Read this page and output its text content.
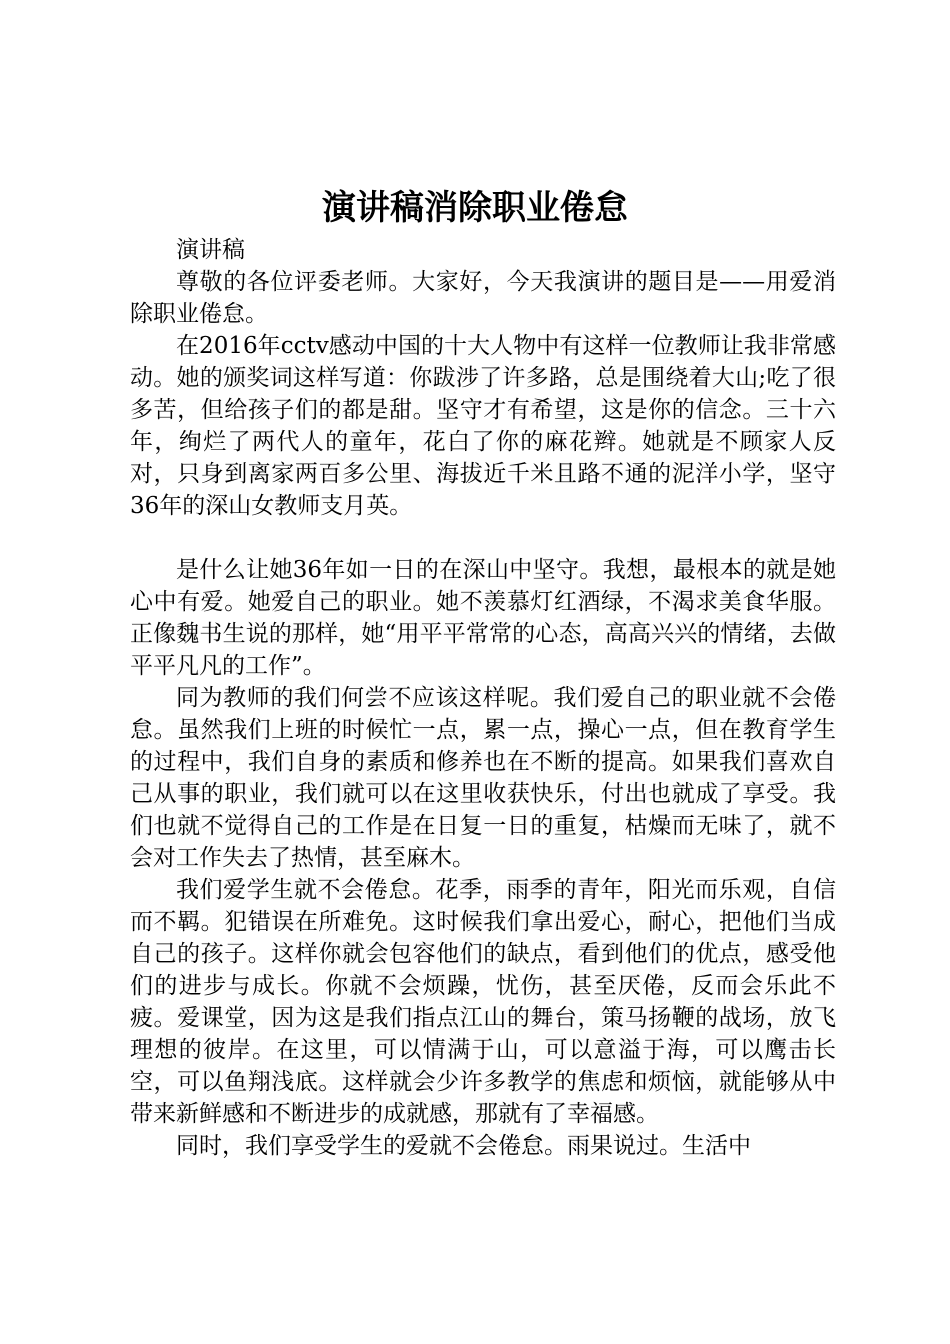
演讲稿消除职业倦怠

演讲稿

尊敬的各位评委老师。大家好，今天我演讲的题目是——用爱消除职业倦怠。

在2016年cctv感动中国的十大人物中有这样一位教师让我非常感动。她的颁奖词这样写道：你跋涉了许多路，总是围绕着大山;吃了很多苦，但给孩子们的都是甜。坚守才有希望，这是你的信念。三十六年，绚烂了两代人的童年，花白了你的麻花辫。她就是不顾家人反对，只身到离家两百多公里、海拔近千米且路不通的泥洋小学，坚守36年的深山女教师支月英。

是什么让她36年如一日的在深山中坚守。我想，最根本的就是她心中有爱。她爱自己的职业。她不羡慕灯红酒绿，不渴求美食华服。正像魏书生说的那样，她“用平平常常的心态，高高兴兴的情绪，去做平平凡凡的工作”。

同为教师的我们何尝不应该这样呢。我们爱自己的职业就不会倦怠。虽然我们上班的时候忙一点，累一点，操心一点，但在教育学生的过程中，我们自身的素质和修养也在不断的提高。如果我们喜欢自己从事的职业，我们就可以在这里收获快乐，付出也就成了享受。我们也就不觉得自己的工作是在日复一日的重复，枯燥而无味了，就不会对工作失去了热情，甚至麻木。

我们爱学生就不会倦怠。花季，雨季的青年，阳光而乐观，自信而不羁。犯错误在所难免。这时候我们拿出爱心，耐心，把他们当成自己的孩子。这样你就会包容他们的缺点，看到他们的优点，感受他们的进步与成长。你就不会烦躁，忧伤，甚至厌倦，反而会乐此不疲。爱课堂，因为这是我们指点江山的舞台，策马扬鞭的战场，放飞理想的彼岸。在这里，可以情满于山，可以意溢于海，可以鹰击长空，可以鱼翔浅底。这样就会少许多教学的焦虑和烦恼，就能够从中带来新鲜感和不断进步的成就感，那就有了幸福感。

同时，我们享受学生的爱就不会倦怠。雨果说过。生活中
